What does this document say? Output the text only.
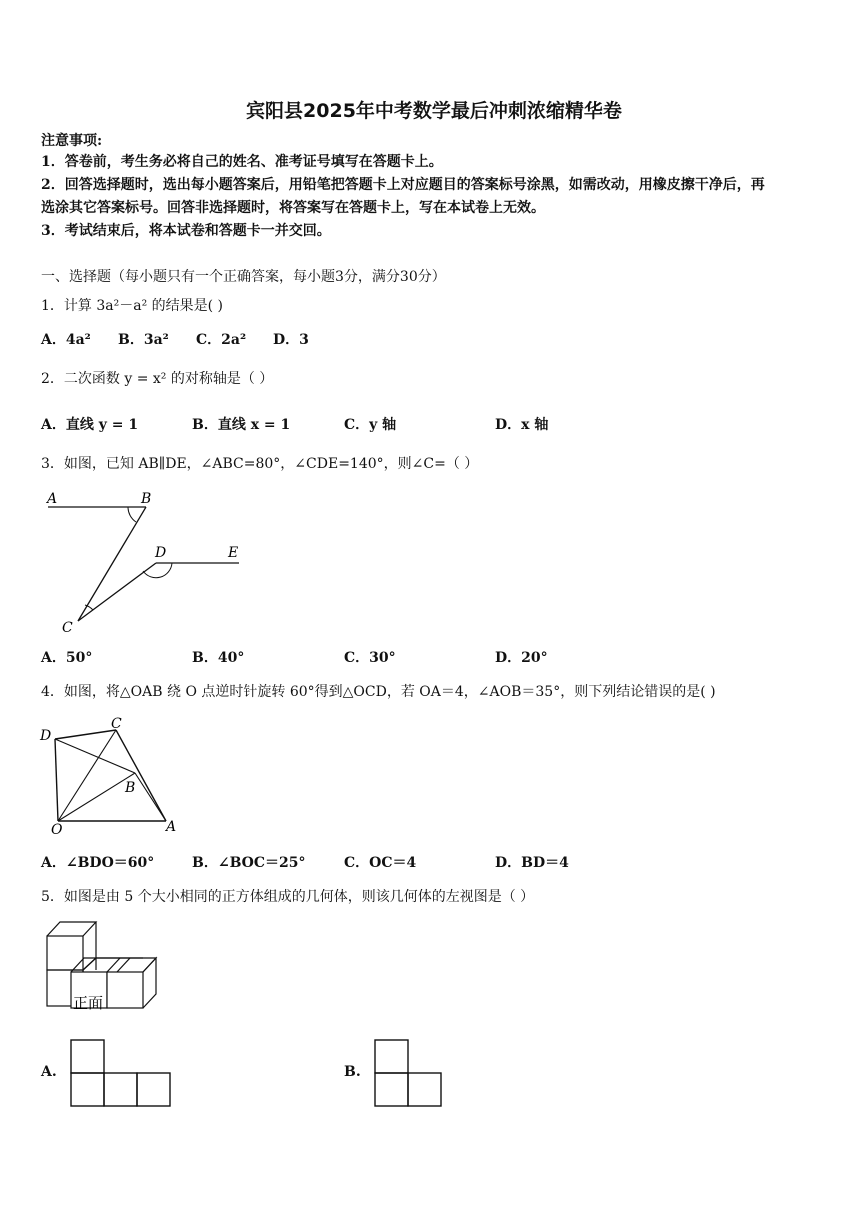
宾阳县2025年中考数学最后冲刺浓缩精华卷
注意事项:
1．答卷前，考生务必将自己的姓名、准考证号填写在答题卡上。
2．回答选择题时，选出每小题答案后，用铅笔把答题卡上对应题目的答案标号涂黑，如需改动，用橡皮擦干净后，再
选涂其它答案标号。回答非选择题时，将答案写在答题卡上，写在本试卷上无效。
3．考试结束后，将本试卷和答题卡一并交回。
一、选择题（每小题只有一个正确答案，每小题3分，满分30分）
1．计算 3a²－a² 的结果是( )
A．4a² B．3a² C．2a² D．3
2．二次函数 y = x² 的对称轴是（ ）
A．直线 y = 1	B．直线 x = 1	C．y 轴	D．x 轴
3．如图，已知 AB∥DE，∠ABC=80°，∠CDE=140°，则∠C=（ ）
A	B
D	E
C
A．50°	B．40°	C．30°	D．20°
4．如图，将△OAB 绕 O 点逆时针旋转 60°得到△OCD，若 OA＝4，∠AOB＝35°，则下列结论错误的是( )
D
C
B
O	A
A．∠BDO＝60°	B．∠BOC＝25°	C．OC＝4	D．BD＝4
5．如图是由 5 个大小相同的正方体组成的几何体，则该几何体的左视图是（ ）
正面
A.	B.
